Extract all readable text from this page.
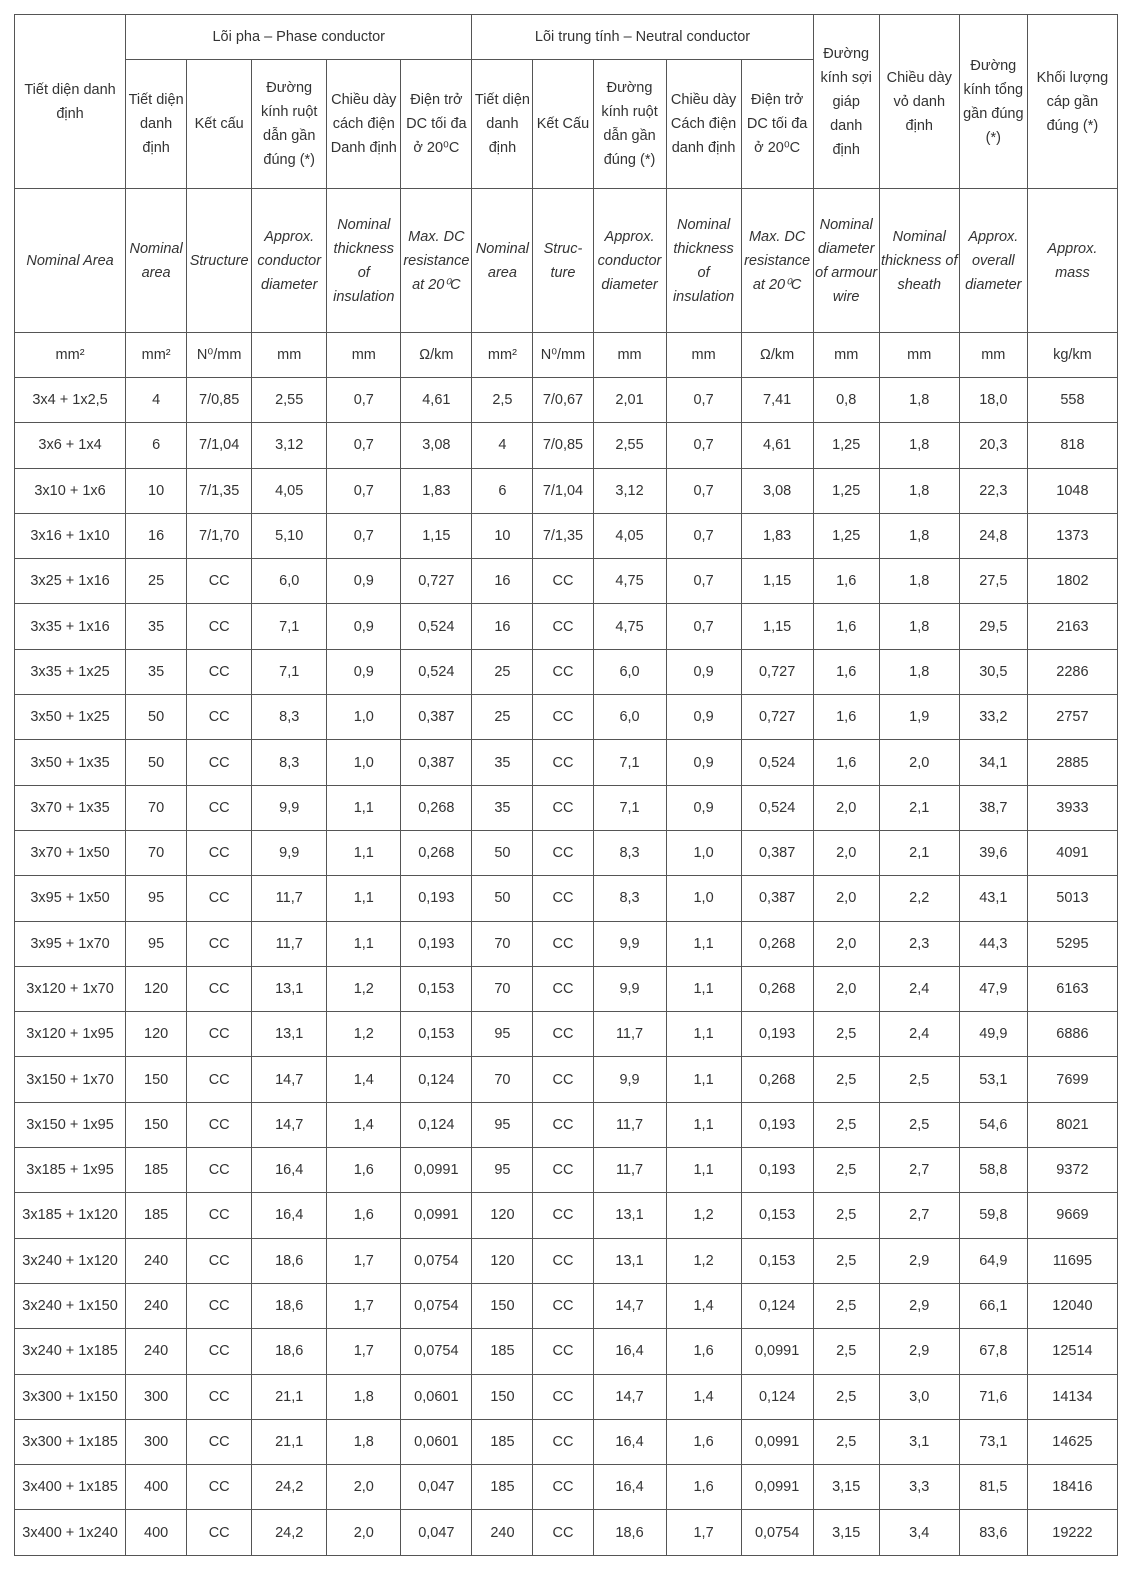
Tiết diện danh định	Lõi pha – Phase conductor					Lõi trung tính – Neutral conductor					Đường kính sợi giáp danh định	Chiều dày vỏ danh định	Đường kính tổng gần đúng (*)	Khối lượng cáp gần đúng (*)
	Tiết diện danh định	Kết cấu	Đường kính ruột dẫn gần đúng (*)	Chiều dày cách điện Danh định	Điện trở DC tối đa ở 20⁰C	Tiết diện danh định	Kết Cấu	Đường kính ruột dẫn gần đúng (*)	Chiều dày Cách điện danh định	Điện trở DC tối đa ở 20⁰C				
Nominal Area	Nominal area	Structure	Approx. conductor diameter	Nominal thickness of insulation	Max. DC resistance at 20⁰C	Nominal area	Struc- ture	Approx. conductor diameter	Nominal thickness of insulation	Max. DC resistance at 20⁰C	Nominal diameter of armour wire	Nominal thickness of sheath	Approx. overall diameter	Approx. mass
mm²	mm²	N⁰/mm	mm	mm	Ω/km	mm²	N⁰/mm	mm	mm	Ω/km	mm	mm	mm	kg/km
3x4 + 1x2,5	4	7/0,85	2,55	0,7	4,61	2,5	7/0,67	2,01	0,7	7,41	0,8	1,8	18,0	558
3x6 + 1x4	6	7/1,04	3,12	0,7	3,08	4	7/0,85	2,55	0,7	4,61	1,25	1,8	20,3	818
3x10 + 1x6	10	7/1,35	4,05	0,7	1,83	6	7/1,04	3,12	0,7	3,08	1,25	1,8	22,3	1048
3x16 + 1x10	16	7/1,70	5,10	0,7	1,15	10	7/1,35	4,05	0,7	1,83	1,25	1,8	24,8	1373
3x25 + 1x16	25	CC	6,0	0,9	0,727	16	CC	4,75	0,7	1,15	1,6	1,8	27,5	1802
3x35 + 1x16	35	CC	7,1	0,9	0,524	16	CC	4,75	0,7	1,15	1,6	1,8	29,5	2163
3x35 + 1x25	35	CC	7,1	0,9	0,524	25	CC	6,0	0,9	0,727	1,6	1,8	30,5	2286
3x50 + 1x25	50	CC	8,3	1,0	0,387	25	CC	6,0	0,9	0,727	1,6	1,9	33,2	2757
3x50 + 1x35	50	CC	8,3	1,0	0,387	35	CC	7,1	0,9	0,524	1,6	2,0	34,1	2885
3x70 + 1x35	70	CC	9,9	1,1	0,268	35	CC	7,1	0,9	0,524	2,0	2,1	38,7	3933
3x70 + 1x50	70	CC	9,9	1,1	0,268	50	CC	8,3	1,0	0,387	2,0	2,1	39,6	4091
3x95 + 1x50	95	CC	11,7	1,1	0,193	50	CC	8,3	1,0	0,387	2,0	2,2	43,1	5013
3x95 + 1x70	95	CC	11,7	1,1	0,193	70	CC	9,9	1,1	0,268	2,0	2,3	44,3	5295
3x120 + 1x70	120	CC	13,1	1,2	0,153	70	CC	9,9	1,1	0,268	2,0	2,4	47,9	6163
3x120 + 1x95	120	CC	13,1	1,2	0,153	95	CC	11,7	1,1	0,193	2,5	2,4	49,9	6886
3x150 + 1x70	150	CC	14,7	1,4	0,124	70	CC	9,9	1,1	0,268	2,5	2,5	53,1	7699
3x150 + 1x95	150	CC	14,7	1,4	0,124	95	CC	11,7	1,1	0,193	2,5	2,5	54,6	8021
3x185 + 1x95	185	CC	16,4	1,6	0,0991	95	CC	11,7	1,1	0,193	2,5	2,7	58,8	9372
3x185 + 1x120	185	CC	16,4	1,6	0,0991	120	CC	13,1	1,2	0,153	2,5	2,7	59,8	9669
3x240 + 1x120	240	CC	18,6	1,7	0,0754	120	CC	13,1	1,2	0,153	2,5	2,9	64,9	11695
3x240 + 1x150	240	CC	18,6	1,7	0,0754	150	CC	14,7	1,4	0,124	2,5	2,9	66,1	12040
3x240 + 1x185	240	CC	18,6	1,7	0,0754	185	CC	16,4	1,6	0,0991	2,5	2,9	67,8	12514
3x300 + 1x150	300	CC	21,1	1,8	0,0601	150	CC	14,7	1,4	0,124	2,5	3,0	71,6	14134
3x300 + 1x185	300	CC	21,1	1,8	0,0601	185	CC	16,4	1,6	0,0991	2,5	3,1	73,1	14625
3x400 + 1x185	400	CC	24,2	2,0	0,047	185	CC	16,4	1,6	0,0991	3,15	3,3	81,5	18416
3x400 + 1x240	400	CC	24,2	2,0	0,047	240	CC	18,6	1,7	0,0754	3,15	3,4	83,6	19222
